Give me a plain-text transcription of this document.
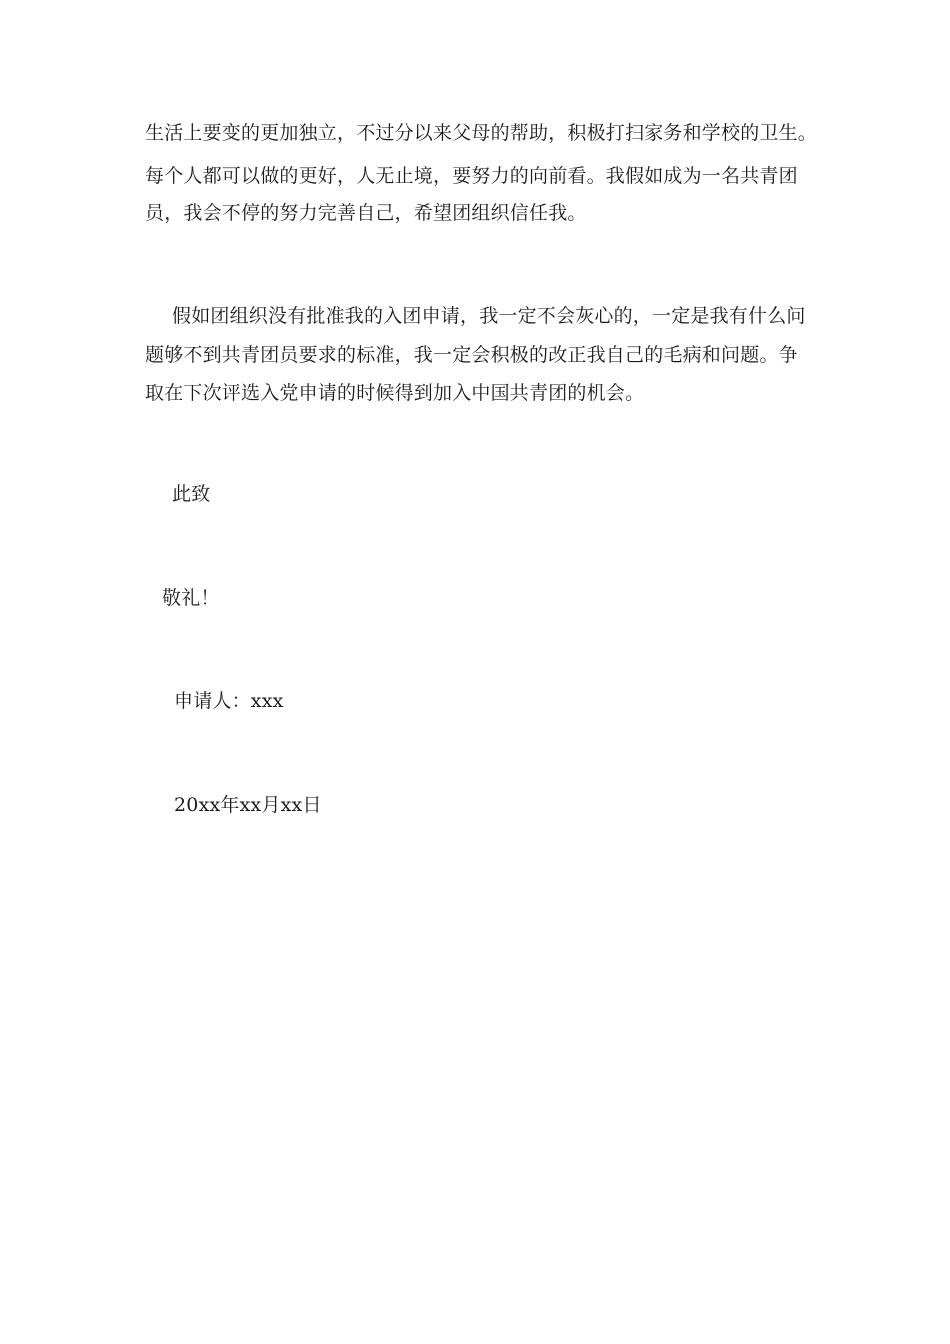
生活上要变的更加独立，不过分以来父母的帮助，积极打扫家务和学校的卫生。
每个人都可以做的更好，人无止境，要努力的向前看。我假如成为一名共青团
员，我会不停的努力完善自己，希望团组织信任我。
假如团组织没有批准我的入团申请，我一定不会灰心的，一定是我有什么问
题够不到共青团员要求的标准，我一定会积极的改正我自己的毛病和问题。争
取在下次评选入党申请的时候得到加入中国共青团的机会。
此致
敬礼！
申请人：xxx
20xx年xx月xx日
